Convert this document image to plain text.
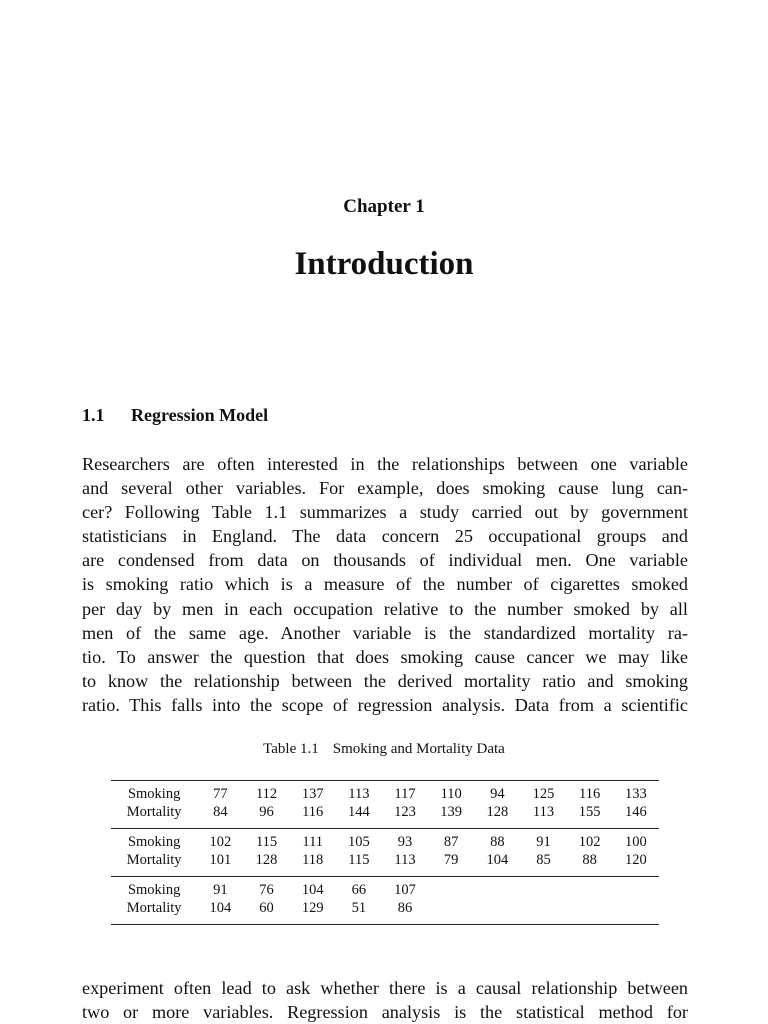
Chapter 1
Introduction
1.1 Regression Model
Researchers are often interested in the relationships between one variable
and several other variables. For example, does smoking cause lung can-
cer? Following Table 1.1 summarizes a study carried out by government
statisticians in England. The data concern 25 occupational groups and
are condensed from data on thousands of individual men. One variable
is smoking ratio which is a measure of the number of cigarettes smoked
per day by men in each occupation relative to the number smoked by all
men of the same age. Another variable is the standardized mortality ra-
tio. To answer the question that does smoking cause cancer we may like
to know the relationship between the derived mortality ratio and smoking
ratio. This falls into the scope of regression analysis. Data from a scientific
Table 1.1 Smoking and Mortality Data
Smoking	77	112	137	113	117	110	94	125	116	133
Mortality	84	96	116	144	123	139	128	113	155	146
Smoking	102	115	111	105	93	87	88	91	102	100
Mortality	101	128	118	115	113	79	104	85	88	120
Smoking	91	76	104	66	107					
Mortality	104	60	129	51	86					
experiment often lead to ask whether there is a causal relationship between
two or more variables. Regression analysis is the statistical method for
